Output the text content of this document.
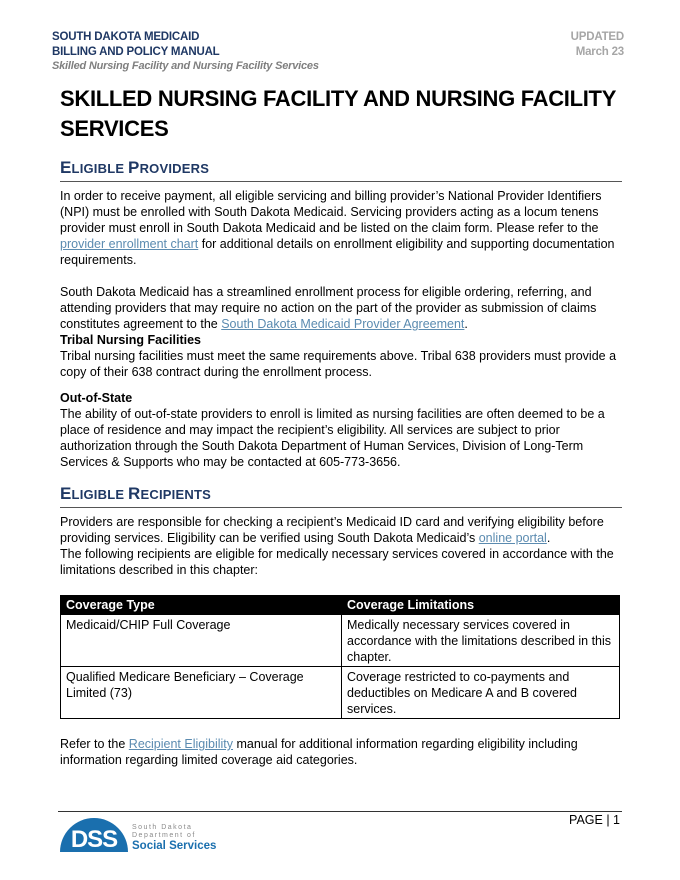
SOUTH DAKOTA MEDICAID
BILLING AND POLICY MANUAL
Skilled Nursing Facility and Nursing Facility Services
UPDATED
March 23
SKILLED NURSING FACILITY AND NURSING FACILITY SERVICES
ELIGIBLE PROVIDERS

In order to receive payment, all eligible servicing and billing provider’s National Provider Identifiers (NPI) must be enrolled with South Dakota Medicaid. Servicing providers acting as a locum tenens provider must enroll in South Dakota Medicaid and be listed on the claim form. Please refer to the provider enrollment chart for additional details on enrollment eligibility and supporting documentation requirements.

South Dakota Medicaid has a streamlined enrollment process for eligible ordering, referring, and attending providers that may require no action on the part of the provider as submission of claims constitutes agreement to the South Dakota Medicaid Provider Agreement.

Tribal Nursing Facilities

Tribal nursing facilities must meet the same requirements above. Tribal 638 providers must provide a copy of their 638 contract during the enrollment process.

Out-of-State

The ability of out-of-state providers to enroll is limited as nursing facilities are often deemed to be a place of residence and may impact the recipient’s eligibility. All services are subject to prior authorization through the South Dakota Department of Human Services, Division of Long-Term Services & Supports who may be contacted at 605-773-3656.

ELIGIBLE RECIPIENTS

Providers are responsible for checking a recipient’s Medicaid ID card and verifying eligibility before providing services. Eligibility can be verified using South Dakota Medicaid’s online portal.

The following recipients are eligible for medically necessary services covered in accordance with the limitations described in this chapter:

Coverage Type	Coverage Limitations
Medicaid/CHIP Full Coverage	Medically necessary services covered in accordance with the limitations described in this chapter.
Qualified Medicare Beneficiary – Coverage Limited (73)	Coverage restricted to co-payments and deductibles on Medicare A and B covered services.

Refer to the Recipient Eligibility manual for additional information regarding eligibility including information regarding limited coverage aid categories.

DSS South Dakota
Department of
Social Services
PAGE | 1
